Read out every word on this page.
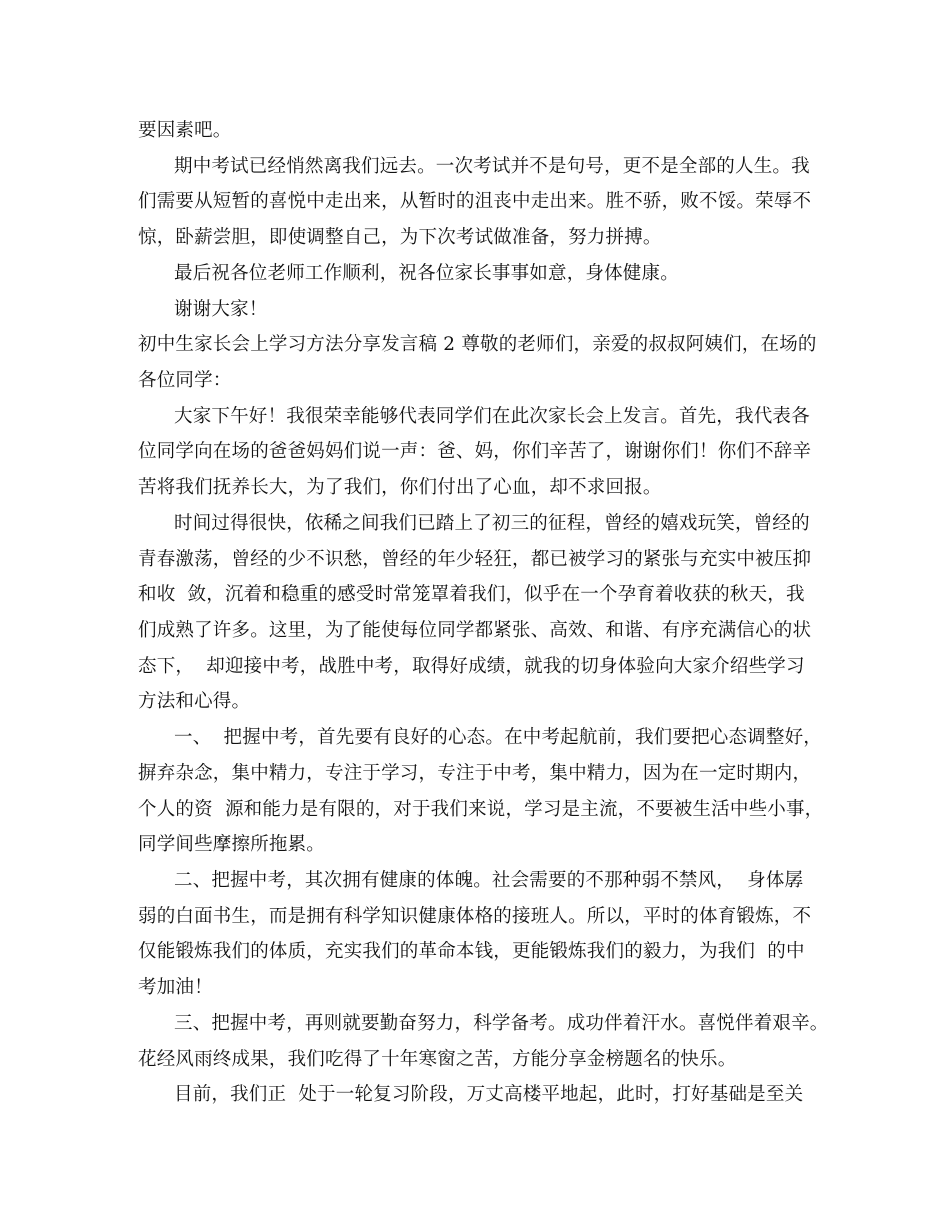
要因素吧。
期中考试已经悄然离我们远去。一次考试并不是句号，更不是全部的人生。我
们需要从短暂的喜悦中走出来，从暂时的沮丧中走出来。胜不骄，败不馁。荣辱不
惊，卧薪尝胆，即使调整自己，为下次考试做准备，努力拼搏。
最后祝各位老师工作顺利，祝各位家长事事如意，身体健康。
谢谢大家！
初中生家长会上学习方法分享发言稿 2 尊敬的老师们，亲爱的叔叔阿姨们，在场的
各位同学：
大家下午好！我很荣幸能够代表同学们在此次家长会上发言。首先，我代表各
位同学向在场的爸爸妈妈们说一声：爸、妈，你们辛苦了，谢谢你们！你们不辞辛
苦将我们抚养长大，为了我们，你们付出了心血，却不求回报。
时间过得很快，依稀之间我们已踏上了初三的征程，曾经的嬉戏玩笑，曾经的
青春激荡，曾经的少不识愁，曾经的年少轻狂，都已被学习的紧张与充实中被压抑
和收  敛，沉着和稳重的感受时常笼罩着我们，似乎在一个孕育着收获的秋天，我
们成熟了许多。这里，为了能使每位同学都紧张、高效、和谐、有序充满信心的状
态下，  却迎接中考，战胜中考，取得好成绩，就我的切身体验向大家介绍些学习
方法和心得。
一、  把握中考，首先要有良好的心态。在中考起航前，我们要把心态调整好，
摒弃杂念，集中精力，专注于学习，专注于中考，集中精力，因为在一定时期内，
个人的资  源和能力是有限的，对于我们来说，学习是主流，不要被生活中些小事，
同学间些摩擦所拖累。
二、把握中考，其次拥有健康的体魄。社会需要的不那种弱不禁风，  身体孱
弱的白面书生，而是拥有科学知识健康体格的接班人。所以，平时的体育锻炼，不
仅能锻炼我们的体质，充实我们的革命本钱，更能锻炼我们的毅力，为我们  的中
考加油！
三、把握中考，再则就要勤奋努力，科学备考。成功伴着汗水。喜悦伴着艰辛。
花经风雨终成果，我们吃得了十年寒窗之苦，方能分享金榜题名的快乐。
目前，我们正  处于一轮复习阶段，万丈高楼平地起，此时，打好基础是至关
